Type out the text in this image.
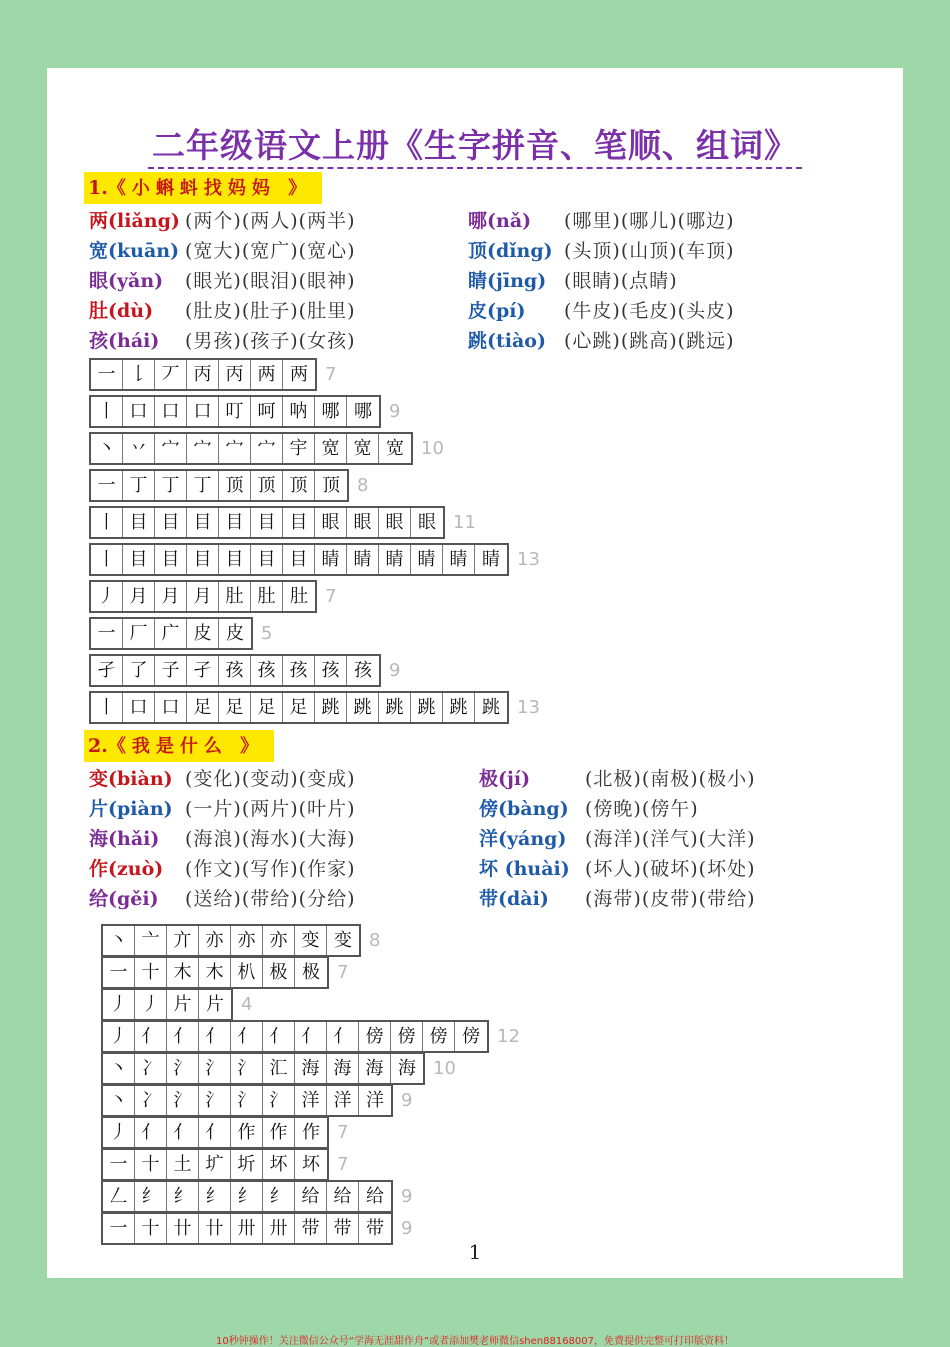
二年级语文上册《生字拼音、笔顺、组词》
1.《小蝌蚪找妈妈 》
两(liǎng) (两个)(两人)(两半)
宽(kuān) (宽大)(宽广)(宽心)
眼(yǎn) (眼光)(眼泪)(眼神)
肚(dù) (肚皮)(肚子)(肚里)
孩(hái) (男孩)(孩子)(女孩)
哪(nǎ) (哪里)(哪儿)(哪边)
顶(dǐng) (头顶)(山顶)(车顶)
睛(jīng) (眼睛)(点睛)
皮(pí) (牛皮)(毛皮)(头皮)
跳(tiào) (心跳)(跳高)(跳远)
一 𠄌 丆 丙 丙 两 两 7
丨 口 口 口 叮 呵 呐 哪 哪 9
丶 丷 宀 宀 宀 宀 宇 宽 宽 宽 10
一 丁 丁 丁 顶 顶 顶 顶 8
丨 目 目 目 目 目 目 眼 眼 眼 眼 11
丨 目 目 目 目 目 目 睛 睛 睛 睛 睛 睛 13
丿 月 月 月 肚 肚 肚 7
一 厂 广 皮 皮 5
孑 了 子 孑 孩 孩 孩 孩 孩 9
丨 口 口 足 足 足 足 跳 跳 跳 跳 跳 跳 13
2.《我是什么 》
变(biàn) (变化)(变动)(变成)
片(piàn) (一片)(两片)(叶片)
海(hǎi) (海浪)(海水)(大海)
作(zuò) (作文)(写作)(作家)
给(gěi) (送给)(带给)(分给)
极(jí)	(北极)(南极)(极小)
傍(bàng) (傍晚)(傍午)
洋(yáng) (海洋)(洋气)(大洋)
坏 (huài) (坏人)(破坏)(坏处)
带(dài) (海带)(皮带)(带给)
丶 亠 亣 亦 亦 亦 变 变 8
一 十 木 木 朳 极 极 7
丿 丿 片 片 4
丿 亻 亻 亻 亻 亻 亻 亻 傍 傍 傍 傍 12
丶 冫 氵 氵 氵 汇 海 海 海 海 10
丶 冫 氵 氵 氵 氵 洋 洋 洋 9
丿 亻 亻 亻 作 作 作 7
一 十 土 圹 圻 坏 坏 7
𠃋 纟 纟 纟 纟 纟 给 给 给 9
一 十 卄 卄 卅 卅 带 带 带 9
1
10秒钟操作！关注微信公众号“学海无涯甜作舟”或者添加樊老师微信shen88168007，免费提供完整可打印版资料！
